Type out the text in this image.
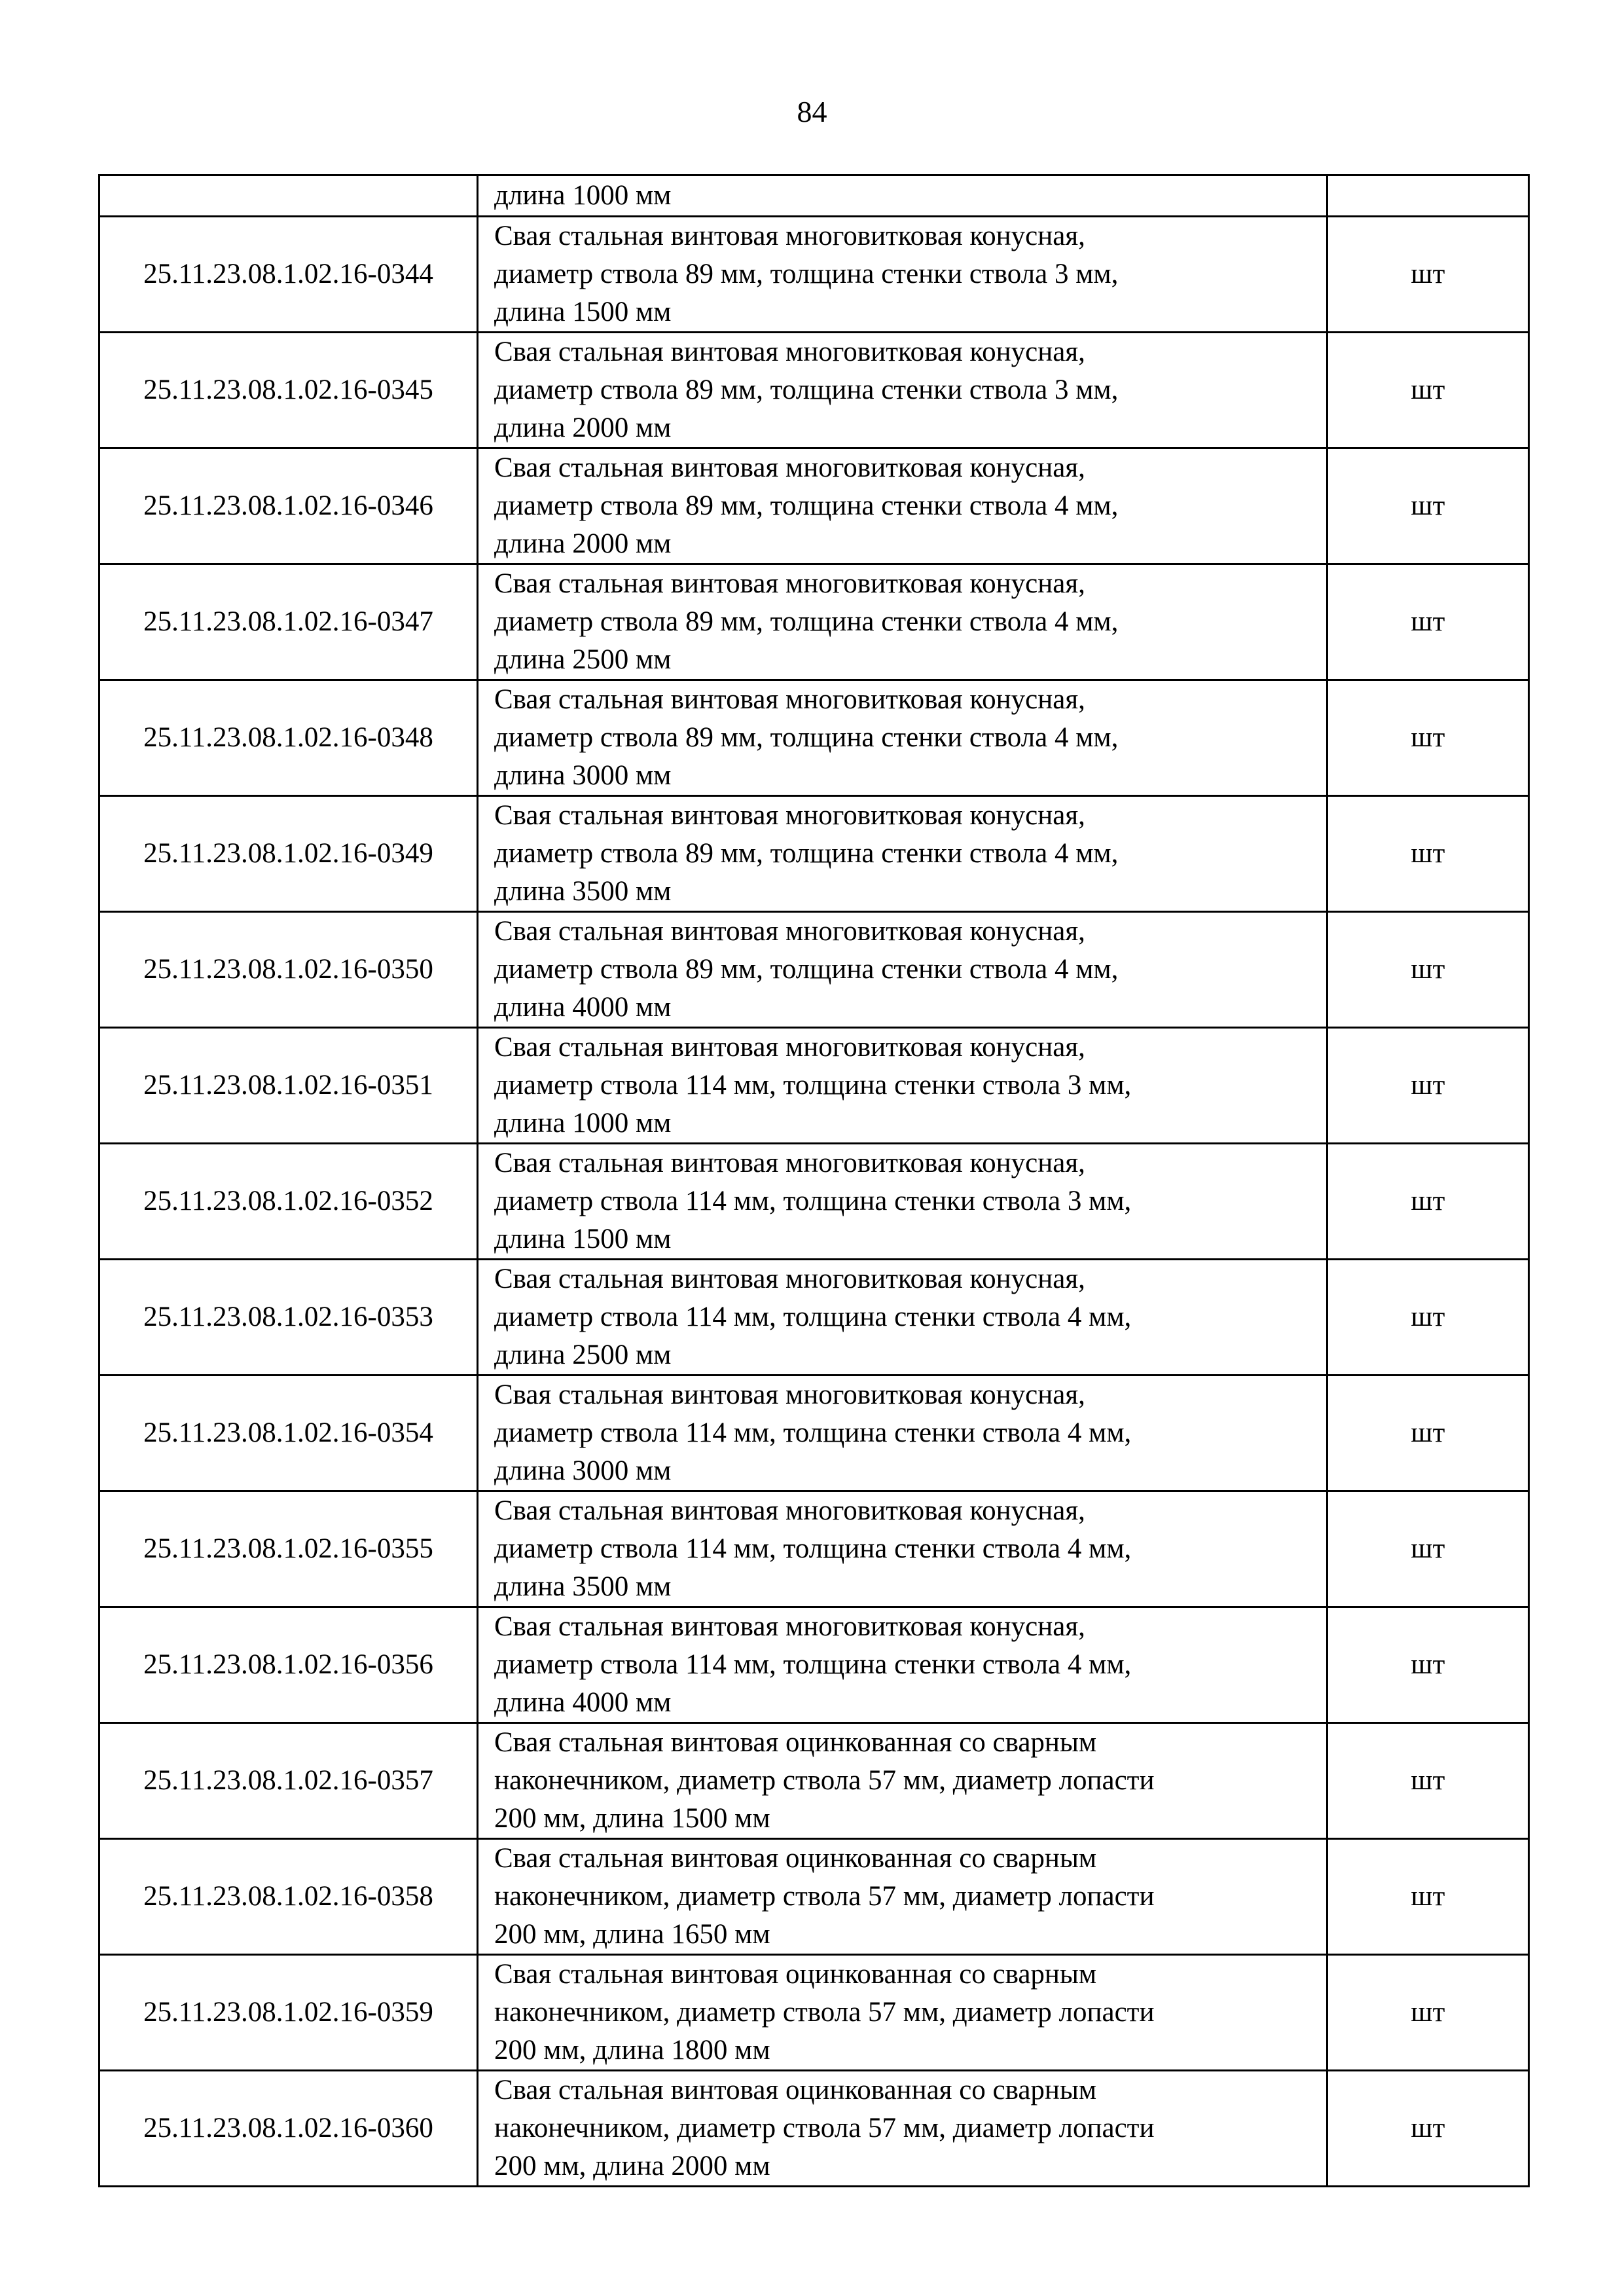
84

	длина 1000 мм	

25.11.23.08.1.02.16-0344	Свая стальная винтовая многовитковая конусная,
диаметр ствола 89 мм, толщина стенки ствола 3 мм,
длина 1500 мм	шт
25.11.23.08.1.02.16-0345	Свая стальная винтовая многовитковая конусная,
диаметр ствола 89 мм, толщина стенки ствола 3 мм,
длина 2000 мм	шт
25.11.23.08.1.02.16-0346	Свая стальная винтовая многовитковая конусная,
диаметр ствола 89 мм, толщина стенки ствола 4 мм,
длина 2000 мм	шт
25.11.23.08.1.02.16-0347	Свая стальная винтовая многовитковая конусная,
диаметр ствола 89 мм, толщина стенки ствола 4 мм,
длина 2500 мм	шт
25.11.23.08.1.02.16-0348	Свая стальная винтовая многовитковая конусная,
диаметр ствола 89 мм, толщина стенки ствола 4 мм,
длина 3000 мм	шт
25.11.23.08.1.02.16-0349	Свая стальная винтовая многовитковая конусная,
диаметр ствола 89 мм, толщина стенки ствола 4 мм,
длина 3500 мм	шт
25.11.23.08.1.02.16-0350	Свая стальная винтовая многовитковая конусная,
диаметр ствола 89 мм, толщина стенки ствола 4 мм,
длина 4000 мм	шт
25.11.23.08.1.02.16-0351	Свая стальная винтовая многовитковая конусная,
диаметр ствола 114 мм, толщина стенки ствола 3 мм,
длина 1000 мм	шт
25.11.23.08.1.02.16-0352	Свая стальная винтовая многовитковая конусная,
диаметр ствола 114 мм, толщина стенки ствола 3 мм,
длина 1500 мм	шт
25.11.23.08.1.02.16-0353	Свая стальная винтовая многовитковая конусная,
диаметр ствола 114 мм, толщина стенки ствола 4 мм,
длина 2500 мм	шт
25.11.23.08.1.02.16-0354	Свая стальная винтовая многовитковая конусная,
диаметр ствола 114 мм, толщина стенки ствола 4 мм,
длина 3000 мм	шт
25.11.23.08.1.02.16-0355	Свая стальная винтовая многовитковая конусная,
диаметр ствола 114 мм, толщина стенки ствола 4 мм,
длина 3500 мм	шт
25.11.23.08.1.02.16-0356	Свая стальная винтовая многовитковая конусная,
диаметр ствола 114 мм, толщина стенки ствола 4 мм,
длина 4000 мм	шт
25.11.23.08.1.02.16-0357	Свая стальная винтовая оцинкованная со сварным
наконечником, диаметр ствола 57 мм, диаметр лопасти
200 мм, длина 1500 мм	шт
25.11.23.08.1.02.16-0358	Свая стальная винтовая оцинкованная со сварным
наконечником, диаметр ствола 57 мм, диаметр лопасти
200 мм, длина 1650 мм	шт
25.11.23.08.1.02.16-0359	Свая стальная винтовая оцинкованная со сварным
наконечником, диаметр ствола 57 мм, диаметр лопасти
200 мм, длина 1800 мм	шт
25.11.23.08.1.02.16-0360	Свая стальная винтовая оцинкованная со сварным
наконечником, диаметр ствола 57 мм, диаметр лопасти
200 мм, длина 2000 мм	шт
